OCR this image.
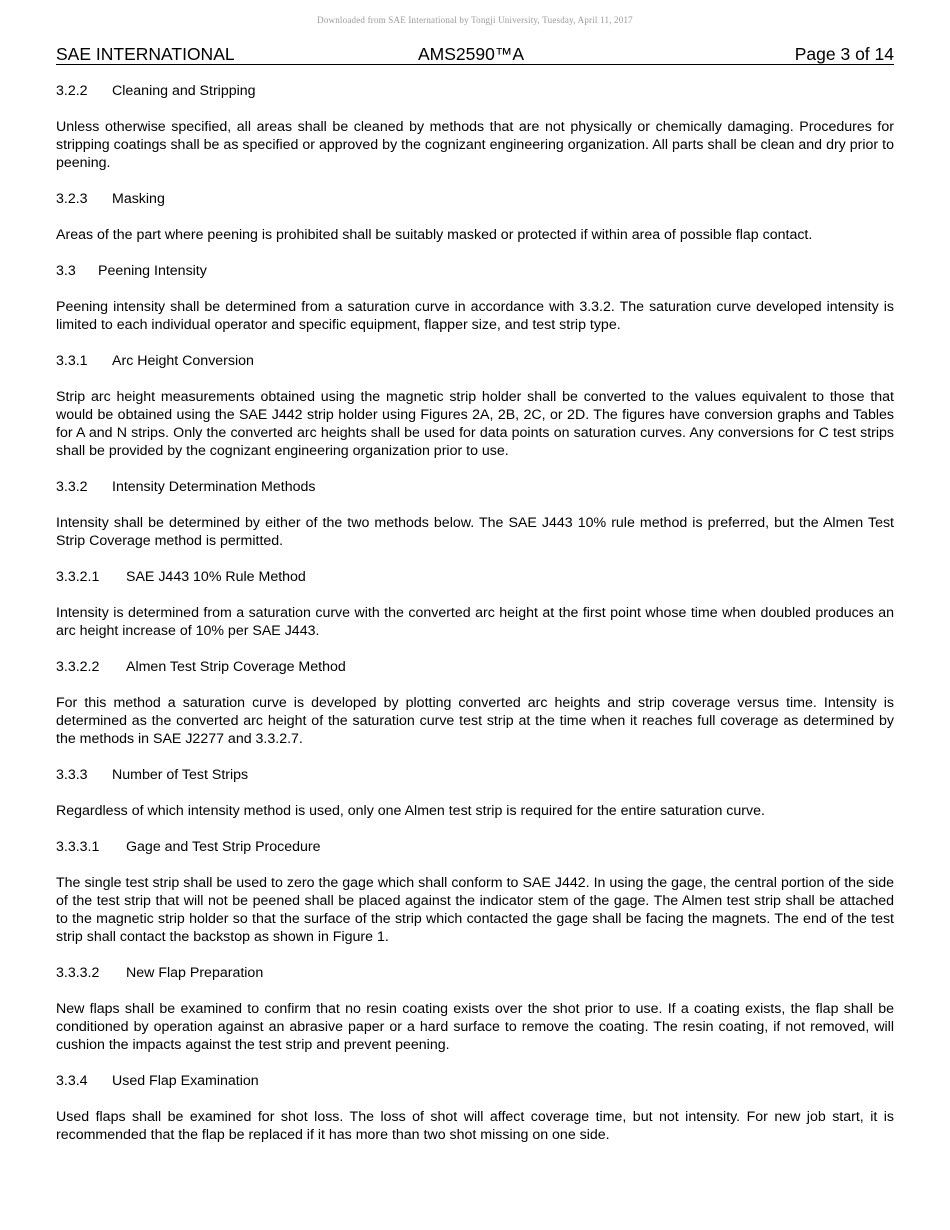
Downloaded from SAE International by Tongji University, Tuesday, April 11, 2017
SAE INTERNATIONAL	AMS2590™A	Page 3 of 14
3.2.2 Cleaning and Stripping

Unless otherwise specified, all areas shall be cleaned by methods that are not physically or chemically damaging. Procedures for stripping coatings shall be as specified or approved by the cognizant engineering organization. All parts shall be clean and dry prior to peening.

3.2.3 Masking

Areas of the part where peening is prohibited shall be suitably masked or protected if within area of possible flap contact.

3.3 Peening Intensity

Peening intensity shall be determined from a saturation curve in accordance with 3.3.2. The saturation curve developed intensity is limited to each individual operator and specific equipment, flapper size, and test strip type.

3.3.1 Arc Height Conversion

Strip arc height measurements obtained using the magnetic strip holder shall be converted to the values equivalent to those that would be obtained using the SAE J442 strip holder using Figures 2A, 2B, 2C, or 2D. The figures have conversion graphs and Tables for A and N strips. Only the converted arc heights shall be used for data points on saturation curves. Any conversions for C test strips shall be provided by the cognizant engineering organization prior to use.

3.3.2 Intensity Determination Methods

Intensity shall be determined by either of the two methods below. The SAE J443 10% rule method is preferred, but the Almen Test Strip Coverage method is permitted.

3.3.2.1 SAE J443 10% Rule Method

Intensity is determined from a saturation curve with the converted arc height at the first point whose time when doubled produces an arc height increase of 10% per SAE J443.

3.3.2.2 Almen Test Strip Coverage Method

For this method a saturation curve is developed by plotting converted arc heights and strip coverage versus time. Intensity is determined as the converted arc height of the saturation curve test strip at the time when it reaches full coverage as determined by the methods in SAE J2277 and 3.3.2.7.

3.3.3 Number of Test Strips

Regardless of which intensity method is used, only one Almen test strip is required for the entire saturation curve.

3.3.3.1 Gage and Test Strip Procedure

The single test strip shall be used to zero the gage which shall conform to SAE J442. In using the gage, the central portion of the side of the test strip that will not be peened shall be placed against the indicator stem of the gage. The Almen test strip shall be attached to the magnetic strip holder so that the surface of the strip which contacted the gage shall be facing the magnets. The end of the test strip shall contact the backstop as shown in Figure 1.

3.3.3.2 New Flap Preparation

New flaps shall be examined to confirm that no resin coating exists over the shot prior to use. If a coating exists, the flap shall be conditioned by operation against an abrasive paper or a hard surface to remove the coating. The resin coating, if not removed, will cushion the impacts against the test strip and prevent peening.

3.3.4 Used Flap Examination

Used flaps shall be examined for shot loss. The loss of shot will affect coverage time, but not intensity. For new job start, it is recommended that the flap be replaced if it has more than two shot missing on one side.
